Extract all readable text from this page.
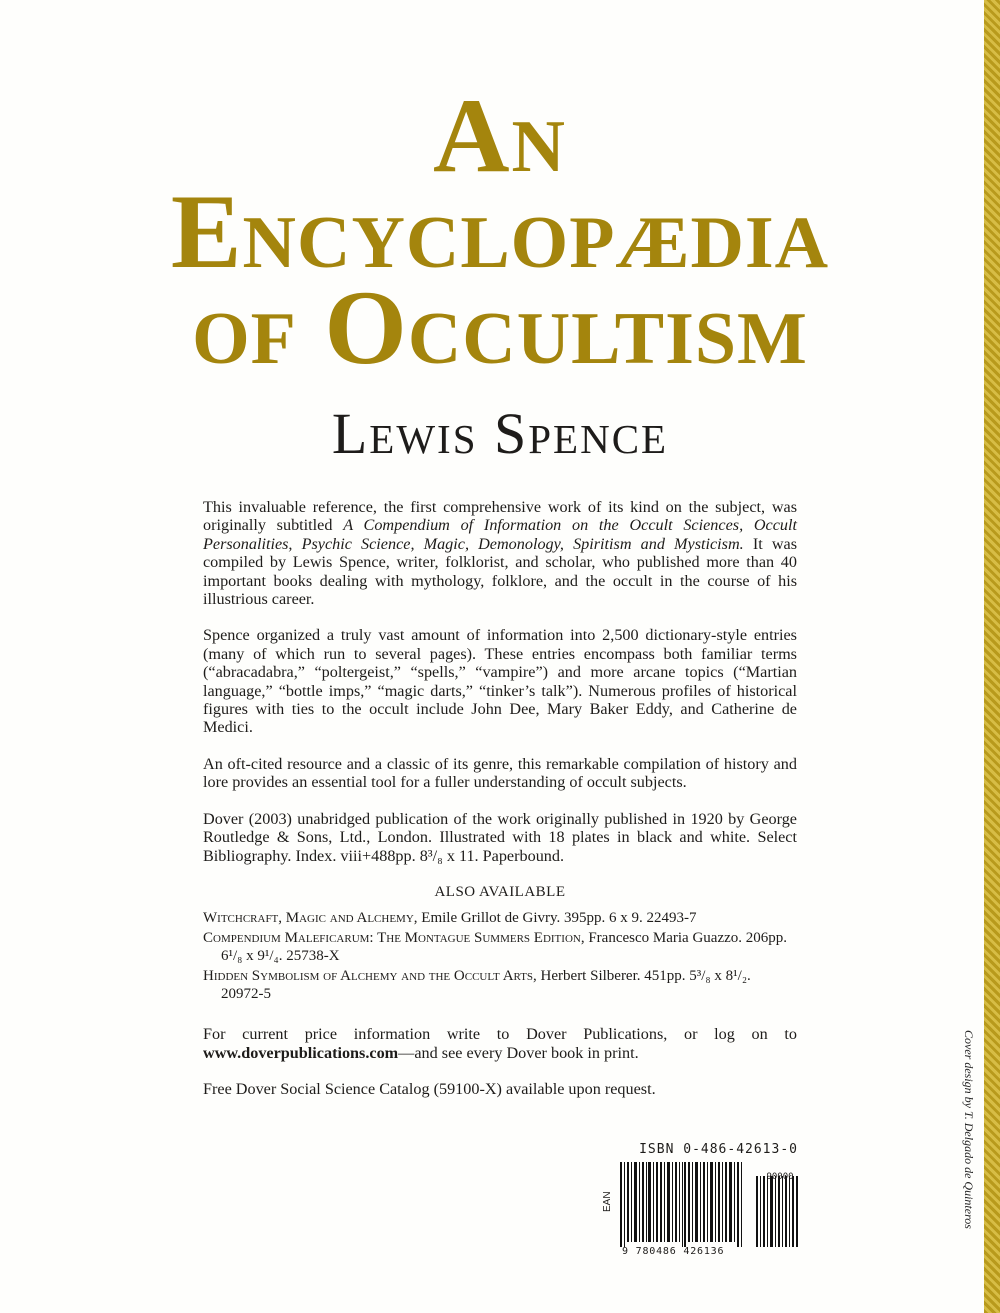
An
Encyclopædia
of Occultism
Lewis Spence

This invaluable reference, the first comprehensive work of its kind on the subject, was originally subtitled A Compendium of Information on the Occult Sciences, Occult Personalities, Psychic Science, Magic, Demonology, Spiritism and Mysticism. It was compiled by Lewis Spence, writer, folklorist, and scholar, who published more than 40 important books dealing with mythology, folklore, and the occult in the course of his illustrious career.

Spence organized a truly vast amount of information into 2,500 dictionary-style entries (many of which run to several pages). These entries encompass both familiar terms (“abracadabra,” “poltergeist,” “spells,” “vampire”) and more arcane topics (“Martian language,” “bottle imps,” “magic darts,” “tinker’s talk”). Numerous profiles of historical figures with ties to the occult include John Dee, Mary Baker Eddy, and Catherine de Medici.

An oft-cited resource and a classic of its genre, this remarkable compilation of history and lore provides an essential tool for a fuller understanding of occult subjects.

Dover (2003) unabridged publication of the work originally published in 1920 by George Routledge & Sons, Ltd., London. Illustrated with 18 plates in black and white. Select Bibliography. Index. viii+488pp. 8³/₈ x 11. Paperbound.

ALSO AVAILABLE
Witchcraft, Magic and Alchemy, Emile Grillot de Givry. 395pp. 6 x 9. 22493-7
Compendium Maleficarum: The Montague Summers Edition, Francesco Maria Guazzo. 206pp. 6¹/₈ x 9¹/₄. 25738-X
Hidden Symbolism of Alchemy and the Occult Arts, Herbert Silberer. 451pp. 5³/₈ x 8¹/₂. 20972-5

For current price information write to Dover Publications, or log on to www.doverpublications.com—and see every Dover book in print.

Free Dover Social Science Catalog (59100-X) available upon request.

ISBN 0-486-42613-0
90000
EAN
9 780486 426136
Cover design by T. Delgado de Quinteros
